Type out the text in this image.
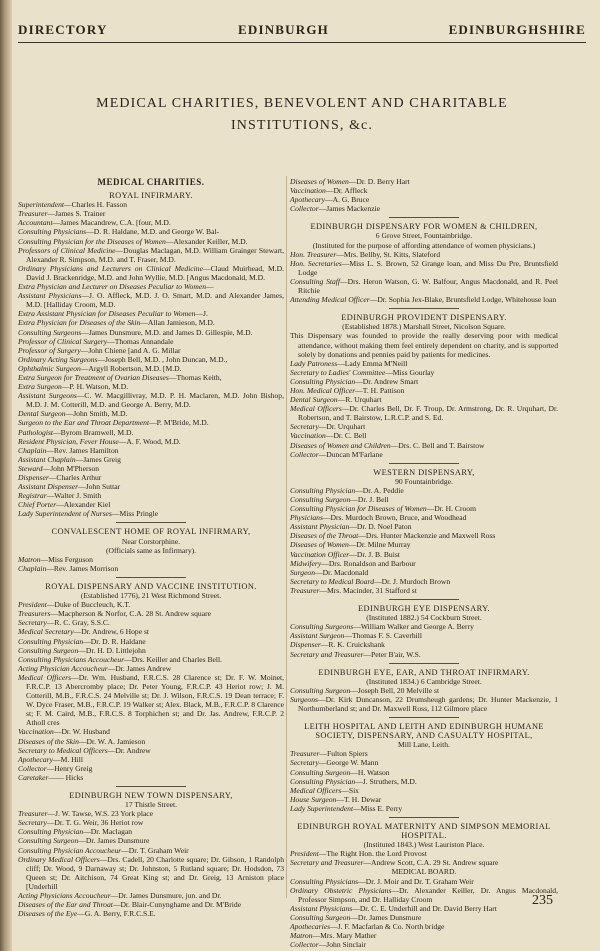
DIRECTORY	EDINBURGH	EDINBURGHSHIRE
MEDICAL CHARITIES, BENEVOLENT AND CHARITABLE
INSTITUTIONS, &c.

MEDICAL CHARITIES.

ROYAL INFIRMARY.

Superintendent—Charles H. Fasson

Treasurer—James S. Trainer

Accountant—James Macandrew, C.A. [four, M.D.

Consulting Physicians—D. R. Haldane, M.D. and George W. Bal-

Consulting Physician for the Diseases of Women—Alexander Keiller, M.D.

Professors of Clinical Medicine—Douglas Maclagan, M.D. William Grainger Stewart, Alexander R. Simpson, M.D. and T. Fraser, M.D.

Ordinary Physicians and Lecturers on Clinical Medicine—Claud Muirhead, M.D. David J. Brackenridge, M.D. and John Wyllie, M.D. [Angus Macdonald, M.D.

Extra Physician and Lecturer on Diseases Peculiar to Women—

Assistant Physicians—J. O. Affleck, M.D. J. O. Smart, M.D. and Alexander James, M.D. [Halliday Croom, M.D.

Extra Assistant Physician for Diseases Peculiar to Women—J.

Extra Physician for Diseases of the Skin—Allan Jamieson, M.D.

Consulting Surgeons—James Dunsmure, M.D. and James D. Gillespie, M.D.

Professor of Clinical Surgery—Thomas Annandale

Professor of Surgery—John Chiene [and A. G. Millar

Ordinary Acting Surgeons—Joseph Bell, M.D. , John Duncan, M.D.,

Ophthalmic Surgeon—Argyll Robertson, M.D. [M.D.

Extra Surgeon for Treatment of Ovarian Diseases—Thomas Keith,

Extra Surgeon—P. H. Watson, M.D.

Assistant Surgeons—C. W. Macgillivray, M.D. P. H. Maclaren, M.D. John Bishop, M.D. J. M. Cotterill, M.D. and George A. Berry, M.D.

Dental Surgeon—John Smith, M.D.

Surgeon to the Ear and Throat Department—P. M'Bride, M.D.

Pathologist—Byrom Bramwell, M.D.

Resident Physician, Fever House—A. F. Wood, M.D.

Chaplain—Rev. James Hamilton

Assistant Chaplain—James Greig

Steward—John M'Pherson

Dispenser—Charles Arthur

Assistant Dispenser—John Suttar

Registrar—Walter J. Smith

Chief Porter—Alexander Kiel

Lady Superintendent of Nurses—Miss Pringle

CONVALESCENT HOME OF ROYAL INFIRMARY,

Near Corstorphine.

(Officials same as Infirmary).

Matron—Miss Ferguson

Chaplain—Rev. James Morrison

ROYAL DISPENSARY AND VACCINE INSTITUTION.

(Established 1776), 21 West Richmond Street.

President—Duke of Buccleuch, K.T.

Treasurers—Macpherson & Norfor, C.A. 28 St. Andrew square

Secretary—R. C. Gray, S.S.C.

Medical Secretary—Dr. Andrew, 6 Hope st

Consulting Physician—Dr. D. R. Haldane

Consulting Surgeon—Dr. H. D. Littlejohn

Consulting Physicians Accoucheur—Drs. Keiller and Charles Bell.

Acting Physician Accoucheur—Dr. James Andrew

Medical Officers—Dr. Wm. Husband, F.R.C.S. 28 Clarence st; Dr. F. W. Moinet, F.R.C.P. 13 Abercromby place; Dr. Peter Young, F.R.C.P. 43 Heriot row; J. M. Cotterill, M.B., F.R.C.S. 24 Melville st; Dr. J. Wilson, F.R.C.S. 19 Dean terrace; F. W. Dyce Fraser, M.B., F.R.C.P. 19 Walker st; Alex. Black, M.B., F.R.C.P. 8 Clarence st; F. M. Caird, M.B., F.R.C.S. 8 Torphichen st; and Dr. Jas. Andrew, F.R.C.P. 2 Atholl cres

Vaccination—Dr. W. Husband

Diseases of the Skin—Dr. W. A. Jamieson

Secretary to Medical Officers—Dr. Andrew

Apothecary—M. Hill

Collector—Henry Greig

Caretaker—— Hicks

EDINBURGH NEW TOWN DISPENSARY,

17 Thistle Street.

Treasurer—J. W. Tawse, W.S. 23 York place

Secretary—Dr. T. G. Weir, 36 Heriot row

Consulting Physician—Dr. Maclagan

Consulting Surgeon—Dr. James Dunsmure

Consulting Physician Accoucheur—Dr. T. Graham Weir

Ordinary Medical Officers—Drs. Cadell, 20 Charlotte square; Dr. Gibson, 1 Randolph cliff; Dr. Wood, 9 Darnaway st; Dr. Johnston, 5 Rutland square; Dr. Hodsdon, 73 Queen st; Dr. Aitchison, 74 Great King st; and Dr. Greig, 13 Arniston place [Underhill

Acting Physicians Accoucheur—Dr. James Dunsmure, jun. and Dr.

Diseases of the Ear and Throat—Dr. Blair-Cunynghame and Dr. M'Bride

Diseases of the Eye—G. A. Berry, F.R.C.S.E.

Diseases of Women—Dr. D. Berry Hart

Vaccination—Dr. Affleck

Apothecary—A. G. Bruce

Collector—James Mackenzie

EDINBURGH DISPENSARY FOR WOMEN & CHILDREN,

6 Grove Street, Fountainbridge.

(Instituted for the purpose of affording attendance of women physicians.)

Hon. Treasurer—Mrs. Bellby, St. Kitts, Slateford

Hon. Secretaries—Miss L. S. Brown, 52 Grange loan, and Miss Du Pre, Bruntsfield Lodge

Consulting Staff—Drs. Heron Watson, G. W. Balfour, Angus Macdonald, and R. Peel Ritchie

Attending Medical Officer—Dr. Sophia Jex-Blake, Bruntsfield Lodge, Whitehouse loan

EDINBURGH PROVIDENT DISPENSARY.

(Established 1878.) Marshall Street, Nicolson Square.

This Dispensary was founded to provide the really deserving poor with medical attendance, without making them feel entirely dependent on charity, and is supported solely by donations and pennies paid by patients for medicines.

Lady Patroness—Lady Emma M'Neill

Secretary to Ladies' Committee—Miss Gourlay

Consulting Physician—Dr. Andrew Smart

Hon. Medical Officer—T. H. Pattison

Dental Surgeon—R. Urquhart

Medical Officers—Dr. Charles Bell, Dr. F. Troup, Dr. Armstrong, Dr. R. Urquhart, Dr. Robertson, and T. Bairstow, L.R.C.P. and S. Ed.

Secretary—Dr. Urquhart

Vaccination—Dr. C. Bell

Diseases of Women and Children—Drs. C. Bell and T. Bairstow

Collector—Duncan M'Farlane

WESTERN DISPENSARY,

90 Fountainbridge.

Consulting Physician—Dr. A. Peddie

Consulting Surgeon—Dr. J. Bell

Consulting Physician for Diseases of Women—Dr. H. Croom

Physicians—Drs. Murdoch Brown, Bruce, and Woodhead

Assistant Physician—Dr. D. Noel Paton

Diseases of the Throat—Drs. Hunter Mackenzie and Maxwell Ross

Diseases of Women—Dr. Milne Murray

Vaccination Officer—Dr. J. B. Buist

Midwifery—Drs. Ronaldson and Barbour

Surgeon—Dr. Macdonald

Secretary to Medical Board—Dr. J. Murdoch Brown

Treasurer—Mrs. Macinder, 31 Stafford st

EDINBURGH EYE DISPENSARY.

(Instituted 1882.) 54 Cockburn Street.

Consulting Surgeons—William Walker and George A. Berry

Assistant Surgeon—Thomas F. S. Caverhill

Dispenser—R. K. Cruickshank

Secretary and Treasurer—Peter B'air, W.S.

EDINBURGH EYE, EAR, AND THROAT INFIRMARY.

(Instituted 1834.) 6 Cambridge Street.

Consulting Surgeon—Joseph Bell, 20 Melville st

Surgeons—Dr. Kirk Duncanson, 22 Drumsheugh gardens; Dr. Hunter Mackenzie, 1 Northumberland st; and Dr. Maxwell Ross, 112 Gilmore place

LEITH HOSPITAL AND LEITH AND EDINBURGH HUMANE SOCIETY, DISPENSARY, AND CASUALTY HOSPITAL,

Mill Lane, Leith.

Treasurer—Fulton Spiers

Secretary—George W. Mann

Consulting Surgeon—H. Watson

Consulting Physician—J. Struthers, M.D.

Medical Officers—Six

House Surgeon—T. H. Dewar

Lady Superintendent—Miss E. Perry

EDINBURGH ROYAL MATERNITY AND SIMPSON MEMORIAL HOSPITAL.

(Instituted 1843.) West Lauriston Place.

President—The Right Hon. the Lord Provost

Secretary and Treasurer—Andrew Scott, C.A. 29 St. Andrew square

MEDICAL BOARD.

Consulting Physicians—Dr. J. Moir and Dr. T. Graham Weir

Ordinary Obstetric Physicians—Dr. Alexander Keiller, Dr. Angus Macdonald, Professor Simpson, and Dr. Halliday Croom

Assistant Physicians—Dr. C. E. Underhill and Dr. David Berry Hart

Consulting Surgeon—Dr. James Dunsmure

Apothecaries—J. F. Macfarlan & Co. North bridge

Matron—Mrs. Mary Mather

Collector—John Sinclair

235
